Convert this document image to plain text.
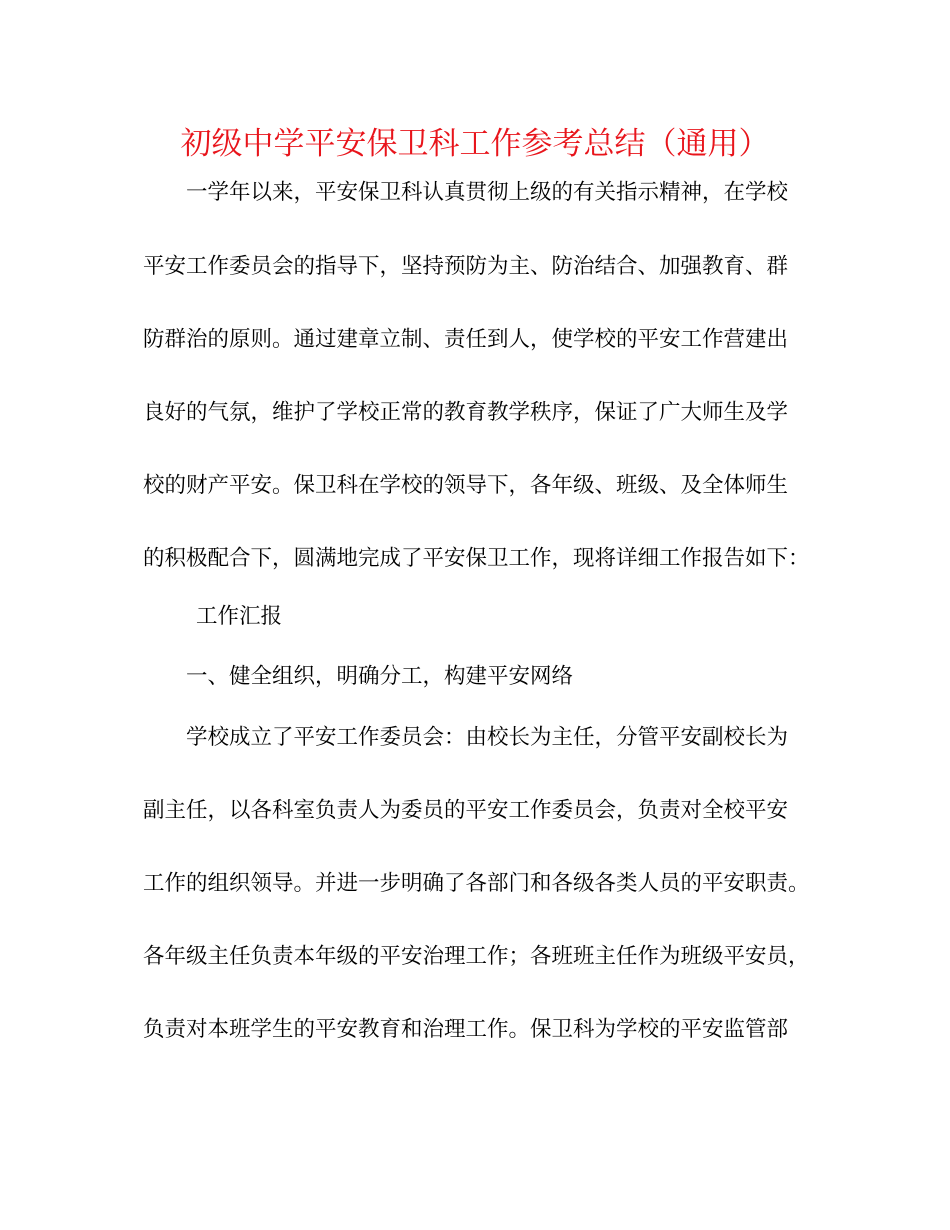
初级中学平安保卫科工作参考总结（通用）
一学年以来，平安保卫科认真贯彻上级的有关指示精神，在学校
平安工作委员会的指导下，坚持预防为主、防治结合、加强教育、群
防群治的原则。通过建章立制、责任到人，使学校的平安工作营建出
良好的气氛，维护了学校正常的教育教学秩序，保证了广大师生及学
校的财产平安。保卫科在学校的领导下，各年级、班级、及全体师生
的积极配合下，圆满地完成了平安保卫工作，现将详细工作报告如下：
工作汇报
一、健全组织，明确分工，构建平安网络
学校成立了平安工作委员会：由校长为主任，分管平安副校长为
副主任，以各科室负责人为委员的平安工作委员会，负责对全校平安
工作的组织领导。并进一步明确了各部门和各级各类人员的平安职责。
各年级主任负责本年级的平安治理工作；各班班主任作为班级平安员，
负责对本班学生的平安教育和治理工作。保卫科为学校的平安监管部
